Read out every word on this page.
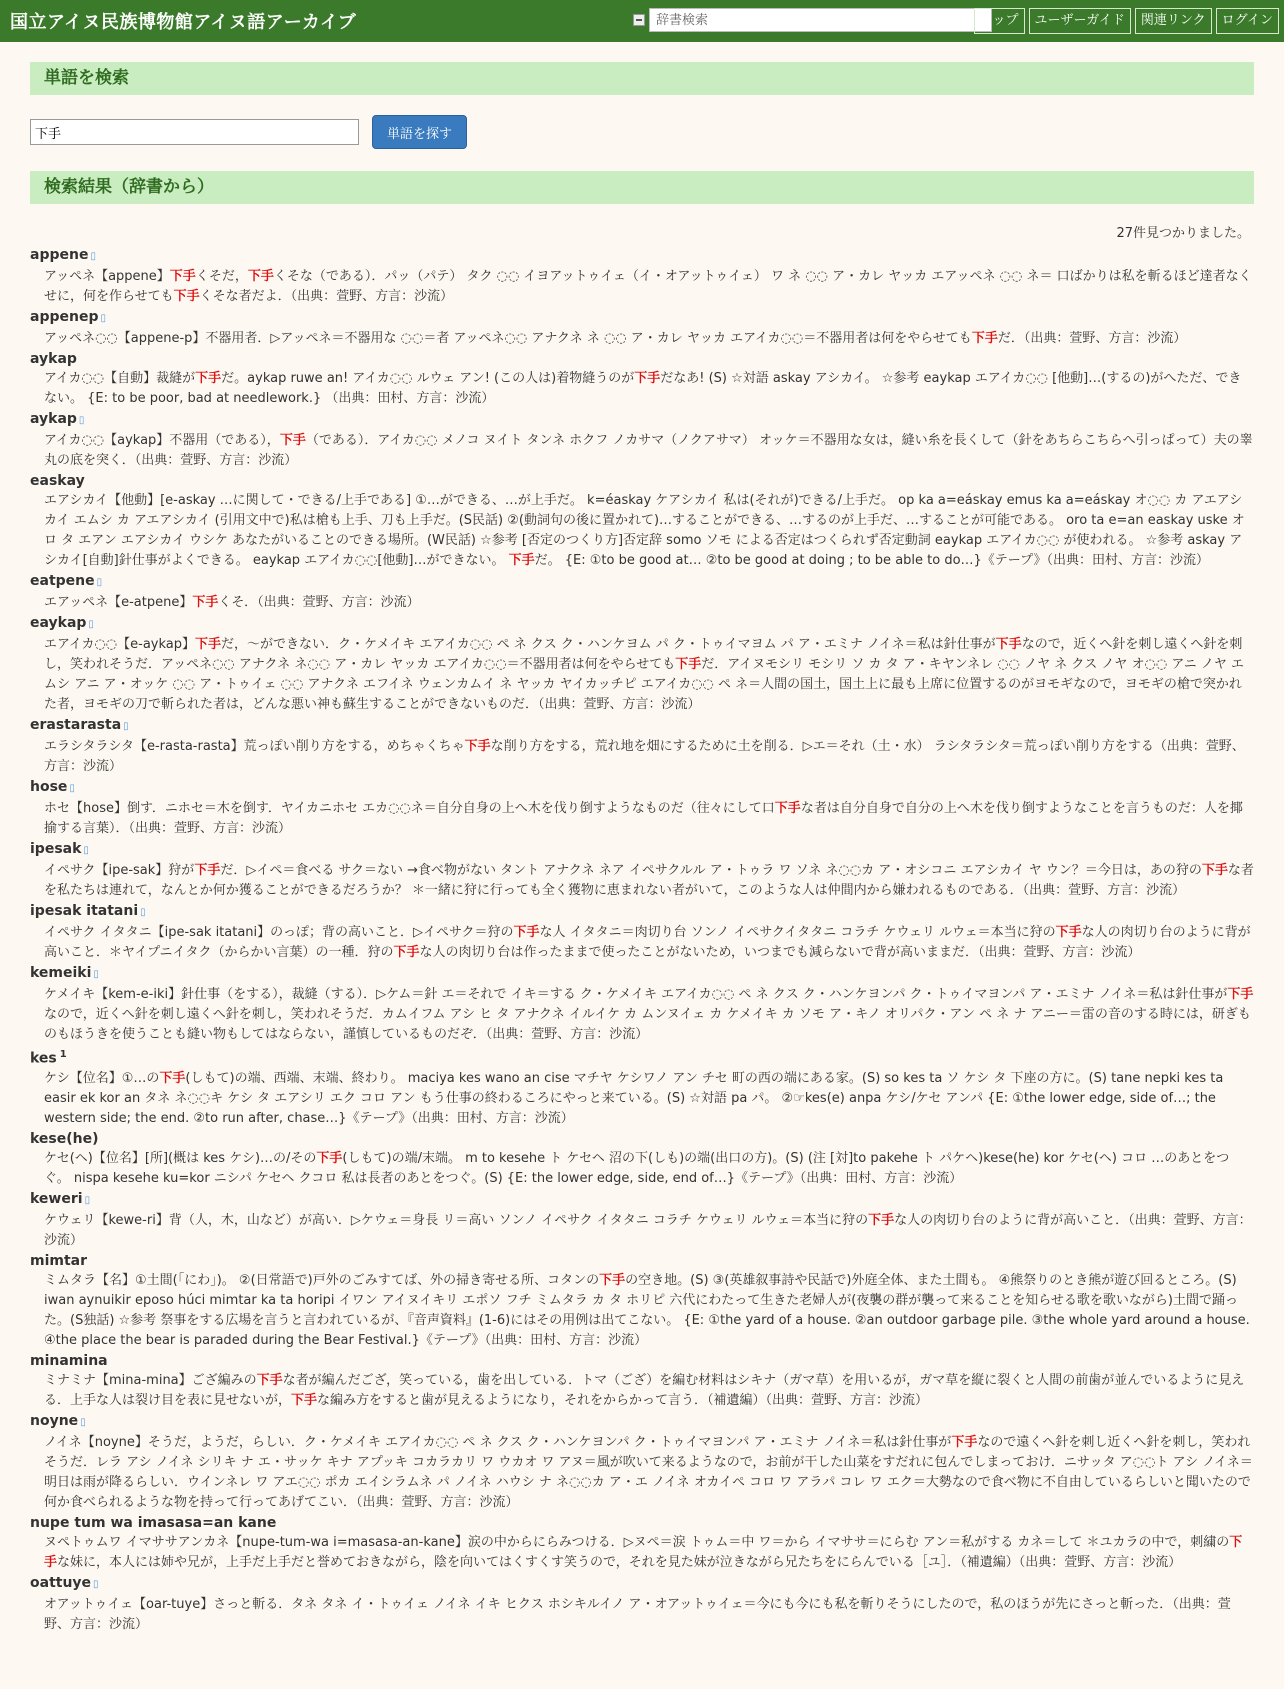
国立アイヌ民族博物館アイヌ語アーカイブ
辞書検索	トップ	ユーザーガイド	関連リンク	ログイン
単語を検索
下手
単語を探す
検索結果（辞書から）
27件見つかりました。
appene ▯
アッペネ【appene】下手くそだ，下手くそな（である）．パッ（パテ） タク ◌◌ イヨアットゥイェ（イ・オアットゥイェ） ワ ネ ◌◌ ア・カレ ヤッカ エアッペネ ◌◌ ネ＝ 口ばかりは私を斬るほど達者なくせに，何を作らせても下手くそな者だよ．（出典：萱野、方言：沙流）
appenep ▯
アッペネ◌◌【appene-p】不器用者．▷アッペネ＝不器用な ◌◌＝者 アッペネ◌◌ アナクネ ネ ◌◌ ア・カレ ヤッカ エアイカ◌◌＝不器用者は何をやらせても下手だ．（出典：萱野、方言：沙流）
aykap
アイカ◌◌【自動】裁縫が下手だ。aykap ruwe an! アイカ◌◌ ルウェ アン! (この人は)着物縫うのが下手だなあ! (S) ☆対語 askay アシカイ。 ☆参考 eaykap エアイカ◌◌ [他動]…(するの)がへただ、できない。 {E: to be poor, bad at needlework.} （出典：田村、方言：沙流）
aykap ▯
アイカ◌◌【aykap】不器用（である），下手（である）．アイカ◌◌ メノコ ヌイト タンネ ホクフ ノカサマ（ノクアサマ） オッケ＝不器用な女は，縫い糸を長くして（針をあちらこちらへ引っぱって）夫の睾丸の底を突く．（出典：萱野、方言：沙流）
easkay
エアシカイ【他動】[e-askay …に関して・できる/上手である] ①…ができる、…が上手だ。 k=éaskay ケアシカイ 私は(それが)できる/上手だ。 op ka a=eáskay emus ka a=eáskay オ◌◌ カ アエアシカイ エムシ カ アエアシカイ (引用文中で)私は槍も上手、刀も上手だ。(S民話) ②(動詞句の後に置かれて)…することができる、…するのが上手だ、…することが可能である。 oro ta e=an easkay uske オロ タ エアン エアシカイ ウシケ あなたがいることのできる場所。(W民話) ☆参考 [否定のつくり方]否定辞 somo ソモ による否定はつくられず否定動詞 eaykap エアイカ◌◌ が使われる。 ☆参考 askay アシカイ[自動]針仕事がよくできる。 eaykap エアイカ◌◌[他動]…ができない。 下手だ。 {E: ①to be good at… ②to be good at doing ; to be able to do…}《テープ》（出典：田村、方言：沙流）
eatpene ▯
エアッペネ【e-atpene】下手くそ．（出典：萱野、方言：沙流）
eaykap ▯
エアイカ◌◌【e-aykap】下手だ，～ができない．ク・ケメイキ エアイカ◌◌ ペ ネ クス ク・ハンケヨム パ ク・トゥイマヨム パ ア・エミナ ノイネ＝私は針仕事が下手なので，近くへ針を刺し遠くへ針を刺し，笑われそうだ．アッペネ◌◌ アナクネ ネ◌◌ ア・カレ ヤッカ エアイカ◌◌＝不器用者は何をやらせても下手だ．アイヌモシリ モシリ ソ カ タ ア・キヤンネレ ◌◌ ノヤ ネ クス ノヤ オ◌◌ アニ ノヤ エムシ アニ ア・オッケ ◌◌ ア・トゥイェ ◌◌ アナクネ エフイネ ウェンカムイ ネ ヤッカ ヤイカッチピ エアイカ◌◌ ペ ネ＝人間の国土，国土上に最も上席に位置するのがヨモギなので，ヨモギの槍で突かれた者，ヨモギの刀で斬られた者は，どんな悪い神も蘇生することができないものだ．（出典：萱野、方言：沙流）
erastarasta ▯
エラシタラシタ【e-rasta-rasta】荒っぽい削り方をする，めちゃくちゃ下手な削り方をする，荒れ地を畑にするために土を削る．▷エ＝それ（土・水） ラシタラシタ＝荒っぽい削り方をする（出典：萱野、方言：沙流）
hose ▯
ホセ【hose】倒す．ニホセ＝木を倒す．ヤイカニホセ エカ◌◌ネ＝自分自身の上へ木を伐り倒すようなものだ（往々にして口下手な者は自分自身で自分の上へ木を伐り倒すようなことを言うものだ：人を揶揄する言葉）．（出典：萱野、方言：沙流）
ipesak ▯
イペサク【ipe-sak】狩が下手だ．▷イペ＝食べる サク＝ない →食べ物がない タント アナクネ ネア イペサクルル ア・トゥラ ワ ソネ ネ◌◌カ ア・オシコニ エアシカイ ヤ ウン？＝今日は，あの狩の下手な者を私たちは連れて，なんとか何か獲ることができるだろうか？ ＊一緒に狩に行っても全く獲物に恵まれない者がいて，このような人は仲間内から嫌われるものである．（出典：萱野、方言：沙流）
ipesak itatani ▯
イペサク イタタニ【ipe-sak itatani】のっぽ；背の高いこと．▷イペサク＝狩の下手な人 イタタニ＝肉切り台 ソンノ イペサクイタタニ コラチ ケウェリ ルウェ＝本当に狩の下手な人の肉切り台のように背が高いこと．＊ヤイプニイタク（からかい言葉）の一種．狩の下手な人の肉切り台は作ったままで使ったことがないため，いつまでも減らないで背が高いままだ．（出典：萱野、方言：沙流）
kemeiki ▯
ケメイキ【kem-e-iki】針仕事（をする），裁縫（する）．▷ケム＝針 エ＝それで イキ＝する ク・ケメイキ エアイカ◌◌ ペ ネ クス ク・ハンケヨンパ ク・トゥイマヨンパ ア・エミナ ノイネ＝私は針仕事が下手なので，近くへ針を刺し遠くへ針を刺し，笑われそうだ．カムイフム アシ ヒ タ アナクネ イルイケ カ ムンヌイェ カ ケメイキ カ ソモ ア・キノ オリパク・アン ペ ネ ナ アニー＝雷の音のする時には，研ぎものもほうきを使うことも縫い物もしてはならない，謹慎しているものだぞ．（出典：萱野、方言：沙流）
kes $^1$
ケシ【位名】①…の下手(しもて)の端、西端、末端、終わり。 maciya kes wano an cise マチヤ ケシワノ アン チセ 町の西の端にある家。(S) so kes ta ソ ケシ タ 下座の方に。(S) tane nepki kes ta easir ek kor an タネ ネ◌◌キ ケシ タ エアシリ エク コロ アン もう仕事の終わるころにやっと来ている。(S) ☆対語 pa パ。 ②☞kes(e) anpa ケシ/ケセ アンパ {E: ①the lower edge, side of…; the western side; the end. ②to run after, chase…}《テープ》（出典：田村、方言：沙流）
kese(he)
ケセ(ヘ)【位名】[所](概は kes ケシ)…の/その下手(しもて)の端/末端。 m to kesehe ト ケセヘ 沼の下(しも)の端(出口の方)。(S) (注 [対]to pakehe ト パケヘ)kese(he) kor ケセ(ヘ) コロ …のあとをつぐ。 nispa kesehe ku=kor ニシパ ケセヘ クコロ 私は長者のあとをつぐ。(S) {E: the lower edge, side, end of…}《テープ》（出典：田村、方言：沙流）
keweri ▯
ケウェリ【kewe-ri】背（人，木，山など）が高い．▷ケウェ＝身長 リ＝高い ソンノ イペサク イタタニ コラチ ケウェリ ルウェ＝本当に狩の下手な人の肉切り台のように背が高いこと．（出典：萱野、方言：沙流）
mimtar
ミムタラ【名】①土間(「にわ」)。 ②(日常語で)戸外のごみすてば、外の掃き寄せる所、コタンの下手の空き地。(S) ③(英雄叙事詩や民話で)外庭全体、また土間も。 ④熊祭りのとき熊が遊び回るところ。(S) iwan aynuikir eposo húci mimtar ka ta horipi イワン アイヌイキリ エポソ フチ ミムタラ カ タ ホリピ 六代にわたって生きた老婦人が(夜襲の群が襲って来ることを知らせる歌を歌いながら)土間で踊った。(S独話) ☆参考 祭事をする広場を言うと言われているが、『音声資料』(1-6)にはその用例は出てこない。 {E: ①the yard of a house. ②an outdoor garbage pile. ③the whole yard around a house. ④the place the bear is paraded during the Bear Festival.}《テープ》（出典：田村、方言：沙流）
minamina
ミナミナ【mina-mina】ござ編みの下手な者が編んだござ，笑っている，歯を出している．トマ（ござ）を編む材料はシキナ（ガマ草）を用いるが，ガマ草を縦に裂くと人間の前歯が並んでいるように見える．上手な人は裂け目を表に見せないが，下手な編み方をすると歯が見えるようになり，それをからかって言う．（補遺編）（出典：萱野、方言：沙流）
noyne ▯
ノイネ【noyne】そうだ，ようだ，らしい．ク・ケメイキ エアイカ◌◌ ペ ネ クス ク・ハンケヨンパ ク・トゥイマヨンパ ア・エミナ ノイネ＝私は針仕事が下手なので遠くへ針を刺し近くへ針を刺し，笑われそうだ．レラ アシ ノイネ シリキ ナ エ・サッケ キナ アプッキ コカラカリ ワ ウカオ ワ アヌ＝風が吹いて来るようなので，お前が干した山菜をすだれに包んでしまっておけ．ニサッタ ア◌◌ト アシ ノイネ＝明日は雨が降るらしい．ウインネレ ワ アエ◌◌ ポカ エイシラムネ パ ノイネ ハウシ ナ ネ◌◌カ ア・エ ノイネ オカイペ コロ ワ アラパ コレ ワ エク＝大勢なので食べ物に不自由しているらしいと聞いたので何か食べられるような物を持って行ってあげてこい．（出典：萱野、方言：沙流）
nupe tum wa imasasa=an kane
ヌペトゥムワ イマササアンカネ【nupe-tum-wa i=masasa-an-kane】涙の中からにらみつける．▷ヌペ＝涙 トゥム＝中 ワ＝から イマササ＝にらむ アン＝私がする カネ＝して ＊ユカラの中で，刺繍の下手な妹に，本人には姉や兄が，上手だ上手だと誉めておきながら，陰を向いてはくすくす笑うので，それを見た妹が泣きながら兄たちをにらんでいる［ユ］．（補遺編）（出典：萱野、方言：沙流）
oattuye ▯
オアットゥイェ【oar-tuye】さっと斬る．タネ タネ イ・トゥイェ ノイネ イキ ヒクス ホシキルイノ ア・オアットゥイェ＝今にも今にも私を斬りそうにしたので，私のほうが先にさっと斬った．（出典：萱野、方言：沙流）
